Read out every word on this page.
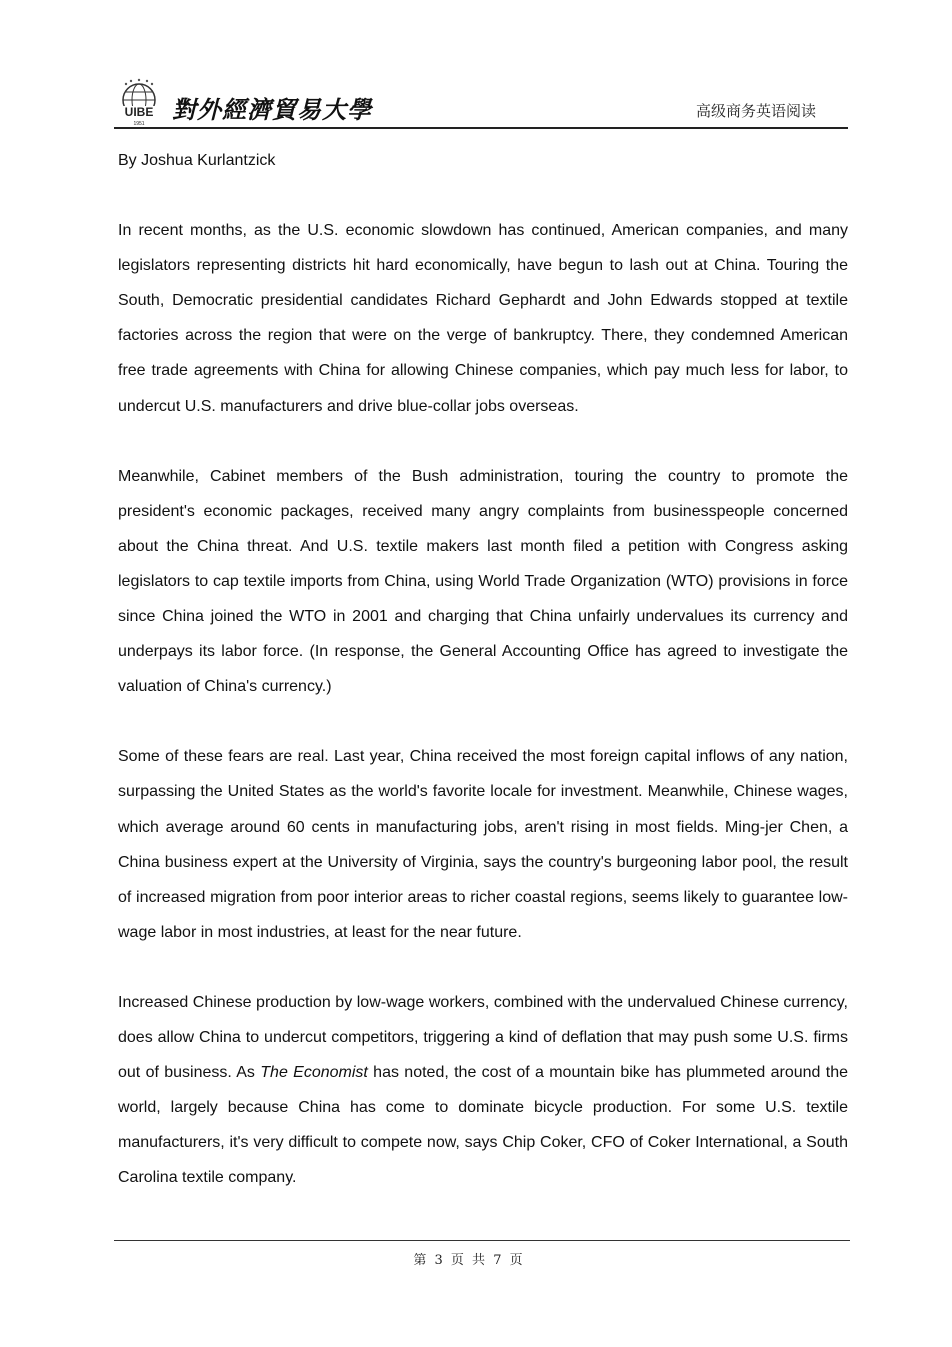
UIBE
1951 對外經濟貿易大學	高级商务英语阅读

By Joshua Kurlantzick

In recent months, as the U.S. economic slowdown has continued, American companies, and many legislators representing districts hit hard economically, have begun to lash out at China. Touring the South, Democratic presidential candidates Richard Gephardt and John Edwards stopped at textile factories across the region that were on the verge of bankruptcy. There, they condemned American free trade agreements with China for allowing Chinese companies, which pay much less for labor, to undercut U.S. manufacturers and drive blue-collar jobs overseas.

Meanwhile, Cabinet members of the Bush administration, touring the country to promote the president's economic packages, received many angry complaints from businesspeople concerned about the China threat. And U.S. textile makers last month filed a petition with Congress asking legislators to cap textile imports from China, using World Trade Organization (WTO) provisions in force since China joined the WTO in 2001 and charging that China unfairly undervalues its currency and underpays its labor force. (In response, the General Accounting Office has agreed to investigate the valuation of China's currency.)

Some of these fears are real. Last year, China received the most foreign capital inflows of any nation, surpassing the United States as the world's favorite locale for investment. Meanwhile, Chinese wages, which average around 60 cents in manufacturing jobs, aren't rising in most fields. Ming-jer Chen, a China business expert at the University of Virginia, says the country's burgeoning labor pool, the result of increased migration from poor interior areas to richer coastal regions, seems likely to guarantee low-wage labor in most industries, at least for the near future.

Increased Chinese production by low-wage workers, combined with the undervalued Chinese currency, does allow China to undercut competitors, triggering a kind of deflation that may push some U.S. firms out of business. As The Economist has noted, the cost of a mountain bike has plummeted around the world, largely because China has come to dominate bicycle production. For some U.S. textile manufacturers, it's very difficult to compete now, says Chip Coker, CFO of Coker International, a South Carolina textile company.

第 3 页 共 7 页
